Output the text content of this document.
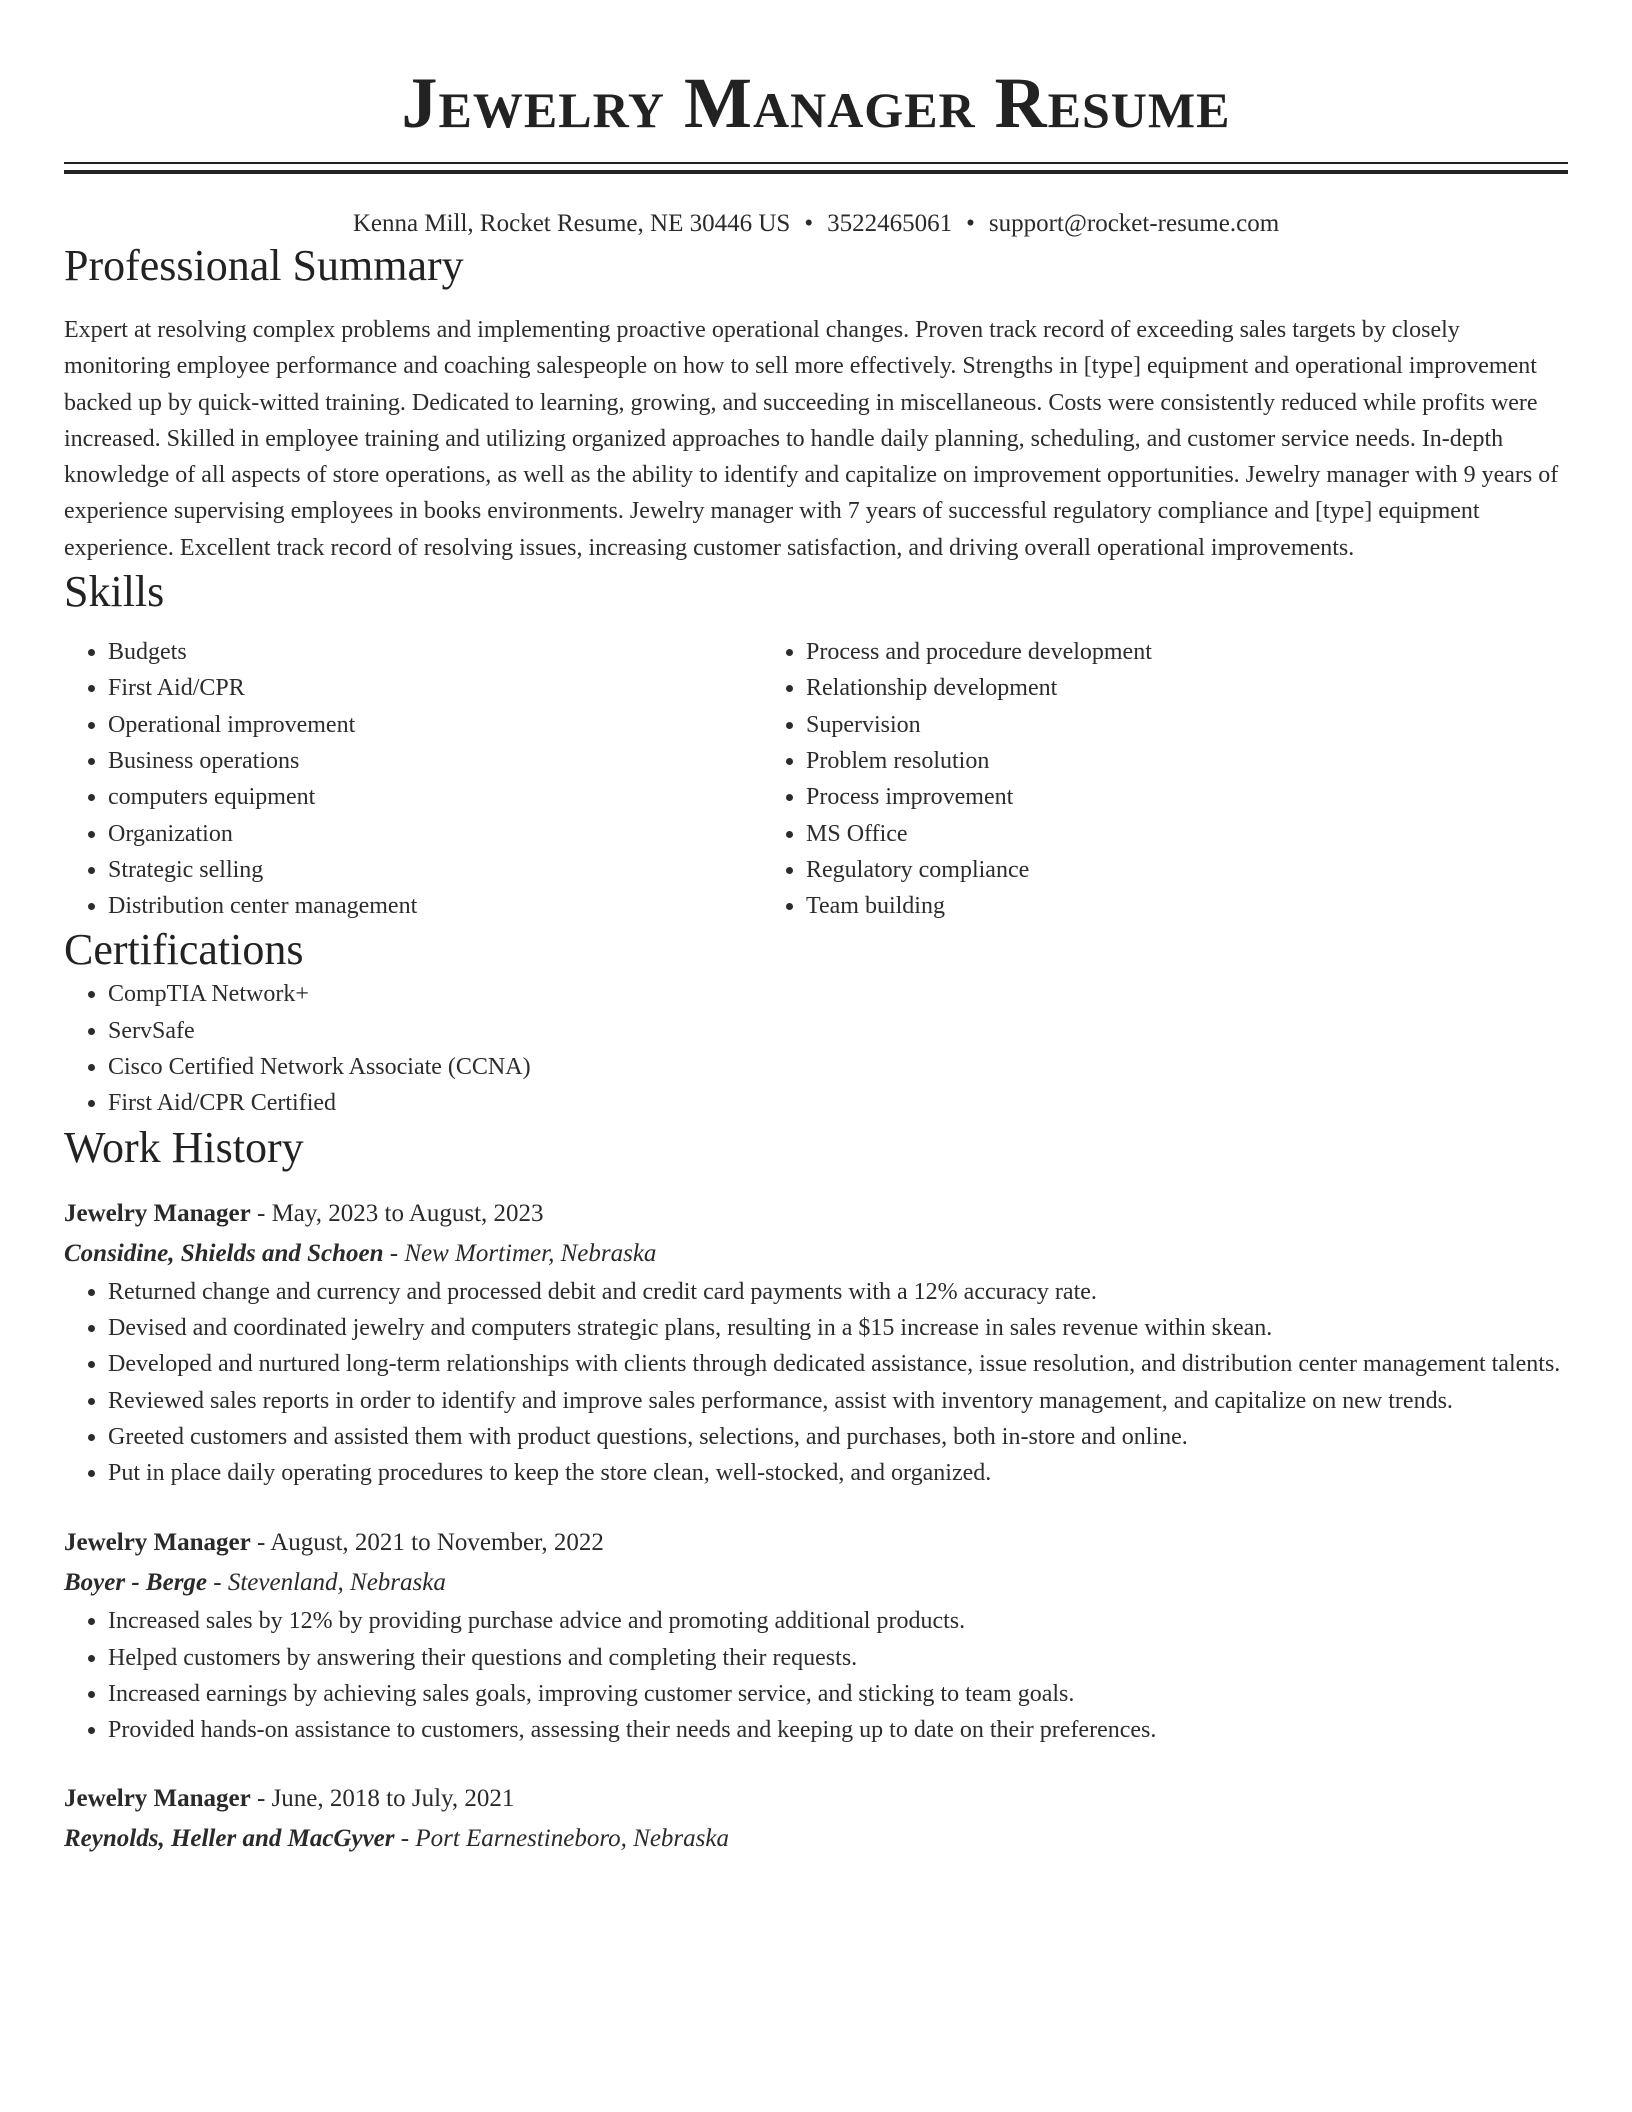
Jewelry Manager Resume
Kenna Mill, Rocket Resume, NE 30446 US • 3522465061 • support@rocket-resume.com
Professional Summary
Expert at resolving complex problems and implementing proactive operational changes. Proven track record of exceeding sales targets by closely monitoring employee performance and coaching salespeople on how to sell more effectively. Strengths in [type] equipment and operational improvement backed up by quick-witted training. Dedicated to learning, growing, and succeeding in miscellaneous. Costs were consistently reduced while profits were increased. Skilled in employee training and utilizing organized approaches to handle daily planning, scheduling, and customer service needs. In-depth knowledge of all aspects of store operations, as well as the ability to identify and capitalize on improvement opportunities. Jewelry manager with 9 years of experience supervising employees in books environments. Jewelry manager with 7 years of successful regulatory compliance and [type] equipment experience. Excellent track record of resolving issues, increasing customer satisfaction, and driving overall operational improvements.
Skills
• Budgets
• First Aid/CPR
• Operational improvement
• Business operations
• computers equipment
• Organization
• Strategic selling
• Distribution center management
• Process and procedure development
• Relationship development
• Supervision
• Problem resolution
• Process improvement
• MS Office
• Regulatory compliance
• Team building
Certifications
• CompTIA Network+
• ServSafe
• Cisco Certified Network Associate (CCNA)
• First Aid/CPR Certified
Work History
Jewelry Manager - May, 2023 to August, 2023
Considine, Shields and Schoen - New Mortimer, Nebraska
• Returned change and currency and processed debit and credit card payments with a 12% accuracy rate.
• Devised and coordinated jewelry and computers strategic plans, resulting in a $15 increase in sales revenue within skean.
• Developed and nurtured long-term relationships with clients through dedicated assistance, issue resolution, and distribution center management talents.
• Reviewed sales reports in order to identify and improve sales performance, assist with inventory management, and capitalize on new trends.
• Greeted customers and assisted them with product questions, selections, and purchases, both in-store and online.
• Put in place daily operating procedures to keep the store clean, well-stocked, and organized.
Jewelry Manager - August, 2021 to November, 2022
Boyer - Berge - Stevenland, Nebraska
• Increased sales by 12% by providing purchase advice and promoting additional products.
• Helped customers by answering their questions and completing their requests.
• Increased earnings by achieving sales goals, improving customer service, and sticking to team goals.
• Provided hands-on assistance to customers, assessing their needs and keeping up to date on their preferences.
Jewelry Manager - June, 2018 to July, 2021
Reynolds, Heller and MacGyver - Port Earnestineboro, Nebraska
